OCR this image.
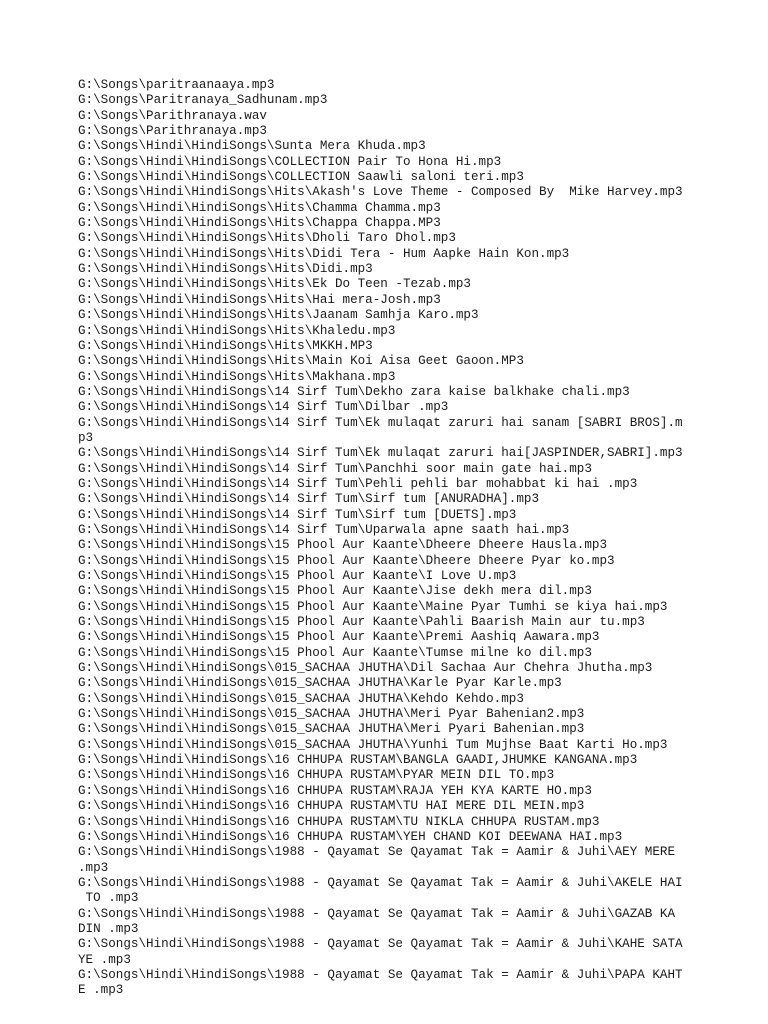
G:\Songs\paritraanaaya.mp3
G:\Songs\Paritranaya_Sadhunam.mp3
G:\Songs\Parithranaya.wav
G:\Songs\Parithranaya.mp3
G:\Songs\Hindi\HindiSongs\Sunta Mera Khuda.mp3
G:\Songs\Hindi\HindiSongs\COLLECTION Pair To Hona Hi.mp3
G:\Songs\Hindi\HindiSongs\COLLECTION Saawli saloni teri.mp3
G:\Songs\Hindi\HindiSongs\Hits\Akash's Love Theme - Composed By  Mike Harvey.mp3
G:\Songs\Hindi\HindiSongs\Hits\Chamma Chamma.mp3
G:\Songs\Hindi\HindiSongs\Hits\Chappa Chappa.MP3
G:\Songs\Hindi\HindiSongs\Hits\Dholi Taro Dhol.mp3
G:\Songs\Hindi\HindiSongs\Hits\Didi Tera - Hum Aapke Hain Kon.mp3
G:\Songs\Hindi\HindiSongs\Hits\Didi.mp3
G:\Songs\Hindi\HindiSongs\Hits\Ek Do Teen -Tezab.mp3
G:\Songs\Hindi\HindiSongs\Hits\Hai mera-Josh.mp3
G:\Songs\Hindi\HindiSongs\Hits\Jaanam Samhja Karo.mp3
G:\Songs\Hindi\HindiSongs\Hits\Khaledu.mp3
G:\Songs\Hindi\HindiSongs\Hits\MKKH.MP3
G:\Songs\Hindi\HindiSongs\Hits\Main Koi Aisa Geet Gaoon.MP3
G:\Songs\Hindi\HindiSongs\Hits\Makhana.mp3
G:\Songs\Hindi\HindiSongs\14 Sirf Tum\Dekho zara kaise balkhake chali.mp3
G:\Songs\Hindi\HindiSongs\14 Sirf Tum\Dilbar .mp3
G:\Songs\Hindi\HindiSongs\14 Sirf Tum\Ek mulaqat zaruri hai sanam [SABRI BROS].m
p3
G:\Songs\Hindi\HindiSongs\14 Sirf Tum\Ek mulaqat zaruri hai[JASPINDER,SABRI].mp3
G:\Songs\Hindi\HindiSongs\14 Sirf Tum\Panchhi soor main gate hai.mp3
G:\Songs\Hindi\HindiSongs\14 Sirf Tum\Pehli pehli bar mohabbat ki hai .mp3
G:\Songs\Hindi\HindiSongs\14 Sirf Tum\Sirf tum [ANURADHA].mp3
G:\Songs\Hindi\HindiSongs\14 Sirf Tum\Sirf tum [DUETS].mp3
G:\Songs\Hindi\HindiSongs\14 Sirf Tum\Uparwala apne saath hai.mp3
G:\Songs\Hindi\HindiSongs\15 Phool Aur Kaante\Dheere Dheere Hausla.mp3
G:\Songs\Hindi\HindiSongs\15 Phool Aur Kaante\Dheere Dheere Pyar ko.mp3
G:\Songs\Hindi\HindiSongs\15 Phool Aur Kaante\I Love U.mp3
G:\Songs\Hindi\HindiSongs\15 Phool Aur Kaante\Jise dekh mera dil.mp3
G:\Songs\Hindi\HindiSongs\15 Phool Aur Kaante\Maine Pyar Tumhi se kiya hai.mp3
G:\Songs\Hindi\HindiSongs\15 Phool Aur Kaante\Pahli Baarish Main aur tu.mp3
G:\Songs\Hindi\HindiSongs\15 Phool Aur Kaante\Premi Aashiq Aawara.mp3
G:\Songs\Hindi\HindiSongs\15 Phool Aur Kaante\Tumse milne ko dil.mp3
G:\Songs\Hindi\HindiSongs\015_SACHAA JHUTHA\Dil Sachaa Aur Chehra Jhutha.mp3
G:\Songs\Hindi\HindiSongs\015_SACHAA JHUTHA\Karle Pyar Karle.mp3
G:\Songs\Hindi\HindiSongs\015_SACHAA JHUTHA\Kehdo Kehdo.mp3
G:\Songs\Hindi\HindiSongs\015_SACHAA JHUTHA\Meri Pyar Bahenian2.mp3
G:\Songs\Hindi\HindiSongs\015_SACHAA JHUTHA\Meri Pyari Bahenian.mp3
G:\Songs\Hindi\HindiSongs\015_SACHAA JHUTHA\Yunhi Tum Mujhse Baat Karti Ho.mp3
G:\Songs\Hindi\HindiSongs\16 CHHUPA RUSTAM\BANGLA GAADI,JHUMKE KANGANA.mp3
G:\Songs\Hindi\HindiSongs\16 CHHUPA RUSTAM\PYAR MEIN DIL TO.mp3
G:\Songs\Hindi\HindiSongs\16 CHHUPA RUSTAM\RAJA YEH KYA KARTE HO.mp3
G:\Songs\Hindi\HindiSongs\16 CHHUPA RUSTAM\TU HAI MERE DIL MEIN.mp3
G:\Songs\Hindi\HindiSongs\16 CHHUPA RUSTAM\TU NIKLA CHHUPA RUSTAM.mp3
G:\Songs\Hindi\HindiSongs\16 CHHUPA RUSTAM\YEH CHAND KOI DEEWANA HAI.mp3
G:\Songs\Hindi\HindiSongs\1988 - Qayamat Se Qayamat Tak = Aamir & Juhi\AEY MERE
.mp3
G:\Songs\Hindi\HindiSongs\1988 - Qayamat Se Qayamat Tak = Aamir & Juhi\AKELE HAI
TO .mp3
G:\Songs\Hindi\HindiSongs\1988 - Qayamat Se Qayamat Tak = Aamir & Juhi\GAZAB KA
DIN .mp3
G:\Songs\Hindi\HindiSongs\1988 - Qayamat Se Qayamat Tak = Aamir & Juhi\KAHE SATA
YE .mp3
G:\Songs\Hindi\HindiSongs\1988 - Qayamat Se Qayamat Tak = Aamir & Juhi\PAPA KAHT
E .mp3
